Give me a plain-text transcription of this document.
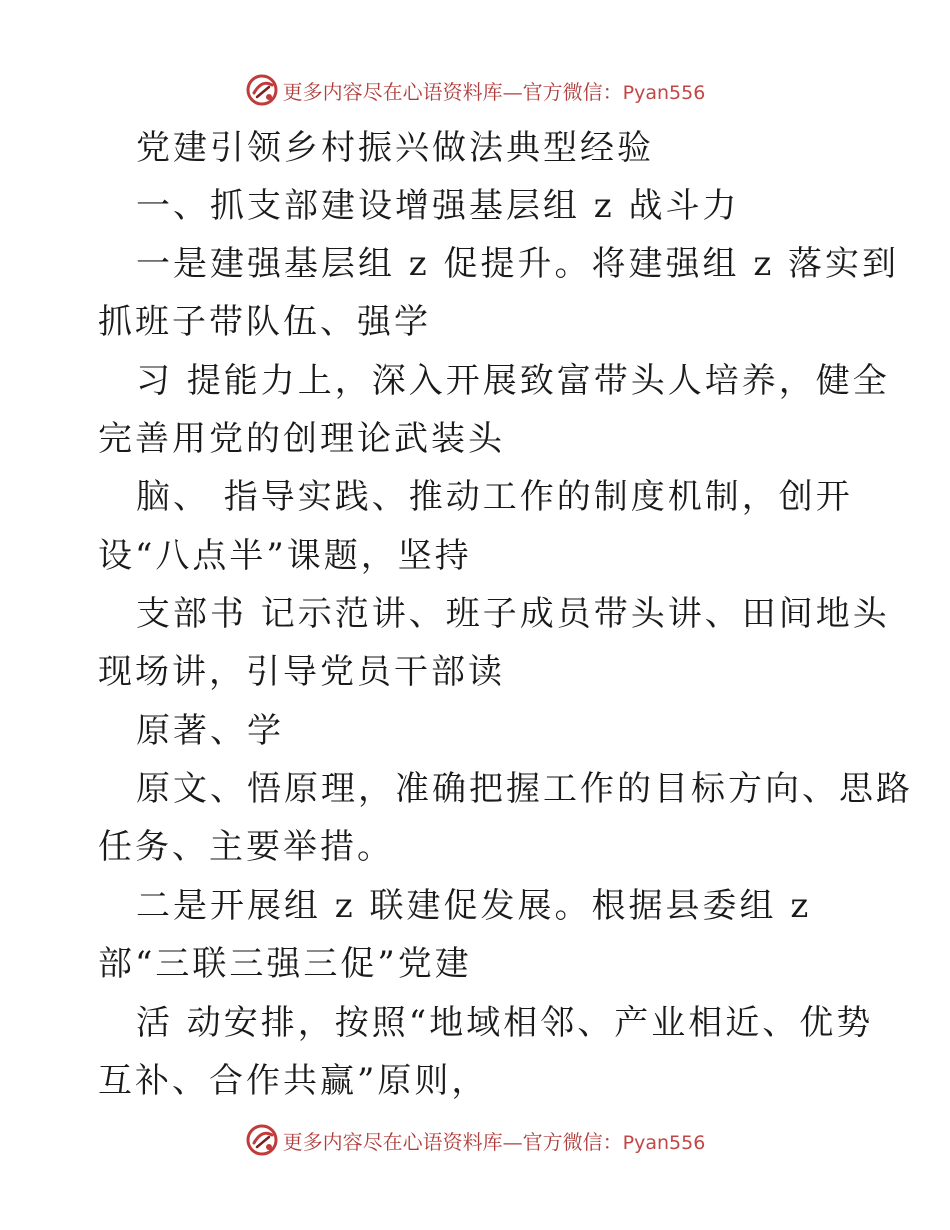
更多内容尽在心语资料库—官方微信：Pyan556
党建引领乡村振兴做法典型经验
一、抓支部建设增强基层组 z 战斗力
一是建强基层组 z 促提升。将建强组 z 落实到
抓班子带队伍、强学
习 提能力上，深入开展致富带头人培养，健全
完善用党的创理论武装头
脑、 指导实践、推动工作的制度机制，创开
设“八点半”课题，坚持
支部书 记示范讲、班子成员带头讲、田间地头
现场讲，引导党员干部读
原著、学
原文、悟原理，准确把握工作的目标方向、思路
任务、主要举措。
二是开展组 z 联建促发展。根据县委组 z
部“三联三强三促”党建
活 动安排，按照“地域相邻、产业相近、优势
互补、合作共赢”原则，
更多内容尽在心语资料库—官方微信：Pyan556
